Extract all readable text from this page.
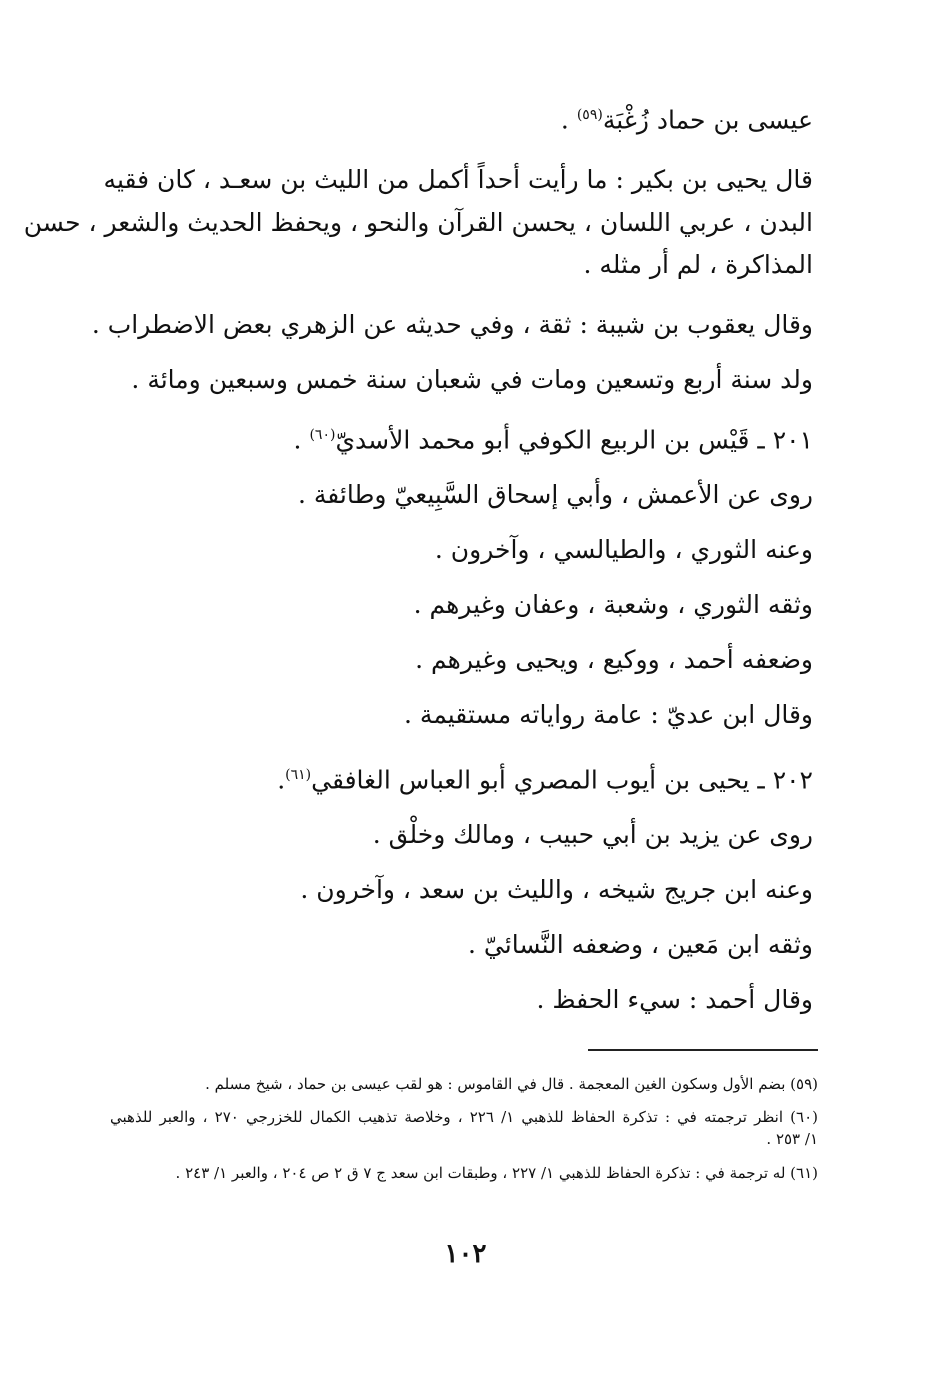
عيسى بن حماد زُغْبَة$^{(٥٩)}$ .
قال يحيى بن بكير : ما رأيت أحداً أكمل من الليث بن سعـد ، كان فقيه
البدن ، عربي اللسان ، يحسن القرآن والنحو ، ويحفظ الحديث والشعر ، حسن
المذاكرة ، لم أر مثله .
وقال يعقوب بن شيبة : ثقة ، وفي حديثه عن الزهري بعض الاضطراب .
ولد سنة أربع وتسعين ومات في شعبان سنة خمس وسبعين ومائة .
٢٠١ ـ قَيْس بن الربيع الكوفي أبو محمد الأسديّ$^{(٦٠)}$ .
روى عن الأعمش ، وأبي إسحاق السَّبِيعيّ وطائفة .
وعنه الثوري ، والطيالسي ، وآخرون .
وثقه الثوري ، وشعبة ، وعفان وغيرهم .
وضعفه أحمد ، ووكيع ، ويحيى وغيرهم .
وقال ابن عديّ : عامة رواياته مستقيمة .
٢٠٢ ـ يحيى بن أيوب المصري أبو العباس الغافقي$^{(٦١)}$.
روى عن يزيد بن أبي حبيب ، ومالك وخلْق .
وعنه ابن جريج شيخه ، والليث بن سعد ، وآخرون .
وثقه ابن مَعين ، وضعفه النَّسائيّ .
وقال أحمد : سيء الحفظ .
(٥٩) بضم الأول وسكون الغين المعجمة . قال في القاموس : هو لقب عيسى بن حماد ، شيخ مسلم .
(٦٠) انظر ترجمته في : تذكرة الحفاظ للذهبي ١/ ٢٢٦ ، وخلاصة تذهيب الكمال للخزرجي ٢٧٠ ، والعبر للذهبي
١/ ٢٥٣ .
(٦١) له ترجمة في : تذكرة الحفاظ للذهبي ١/ ٢٢٧ ، وطبقات ابن سعد ج ٧ ق ٢ ص ٢٠٤ ، والعبر ١/ ٢٤٣ .
١٠٢
